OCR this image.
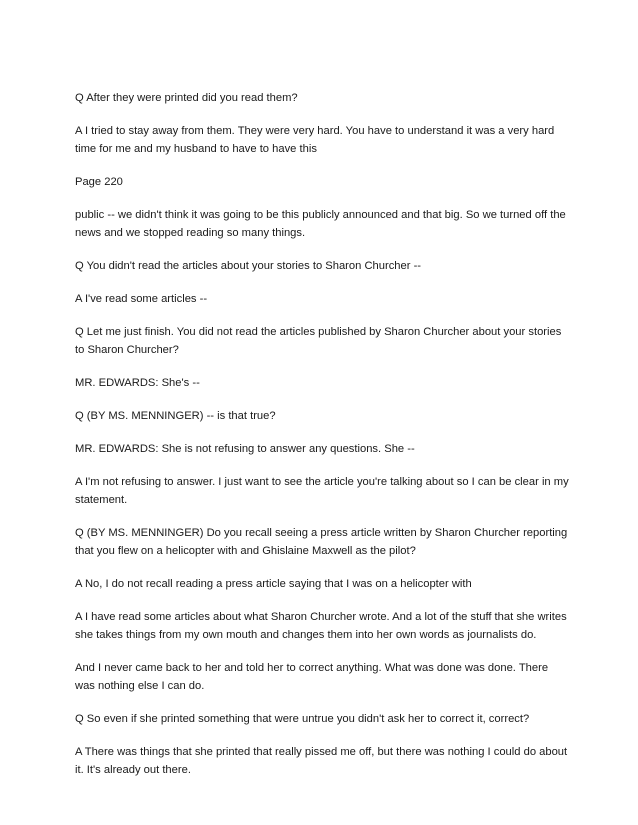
Q After they were printed did you read them?

A I tried to stay away from them. They were very hard. You have to understand it was a very hard time for me and my husband to have to have this

Page 220

public -- we didn't think it was going to be this publicly announced and that big. So we turned off the news and we stopped reading so many things.

Q You didn't read the articles about your stories to Sharon Churcher --

A I've read some articles --

Q Let me just finish. You did not read the articles published by Sharon Churcher about your stories to Sharon Churcher?

MR. EDWARDS: She's --

Q (BY MS. MENNINGER) -- is that true?

MR. EDWARDS: She is not refusing to answer any questions. She --

A I'm not refusing to answer. I just want to see the article you're talking about so I can be clear in my statement.

Q (BY MS. MENNINGER) Do you recall seeing a press article written by Sharon Churcher reporting that you flew on a helicopter with and Ghislaine Maxwell as the pilot?

A No, I do not recall reading a press article saying that I was on a helicopter with

A I have read some articles about what Sharon Churcher wrote. And a lot of the stuff that she writes she takes things from my own mouth and changes them into her own words as journalists do.

And I never came back to her and told her to correct anything. What was done was done. There was nothing else I can do.

Q So even if she printed something that were untrue you didn't ask her to correct it, correct?

A There was things that she printed that really pissed me off, but there was nothing I could do about it. It's already out there.
